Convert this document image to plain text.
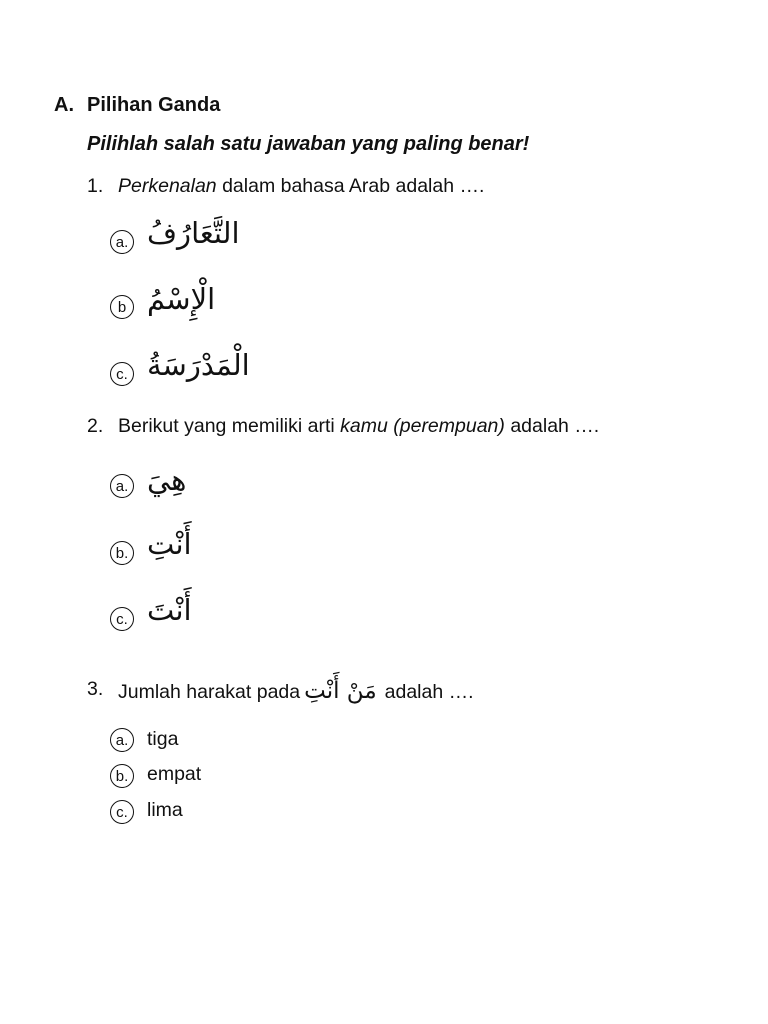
A. Pilihan Ganda
Pilihlah salah satu jawaban yang paling benar!
1. Perkenalan dalam bahasa Arab adalah ….
a. التَّعَارُفُ
b الْإِسْمُ
c. الْمَدْرَسَةُ
2. Berikut yang memiliki arti kamu (perempuan) adalah ….
a. هِيَ
b. أَنْتِ
c. أَنْتَ
3. Jumlah harakat pada مَنْ أَنْتِ adalah ….
a. tiga
b. empat
c. lima
